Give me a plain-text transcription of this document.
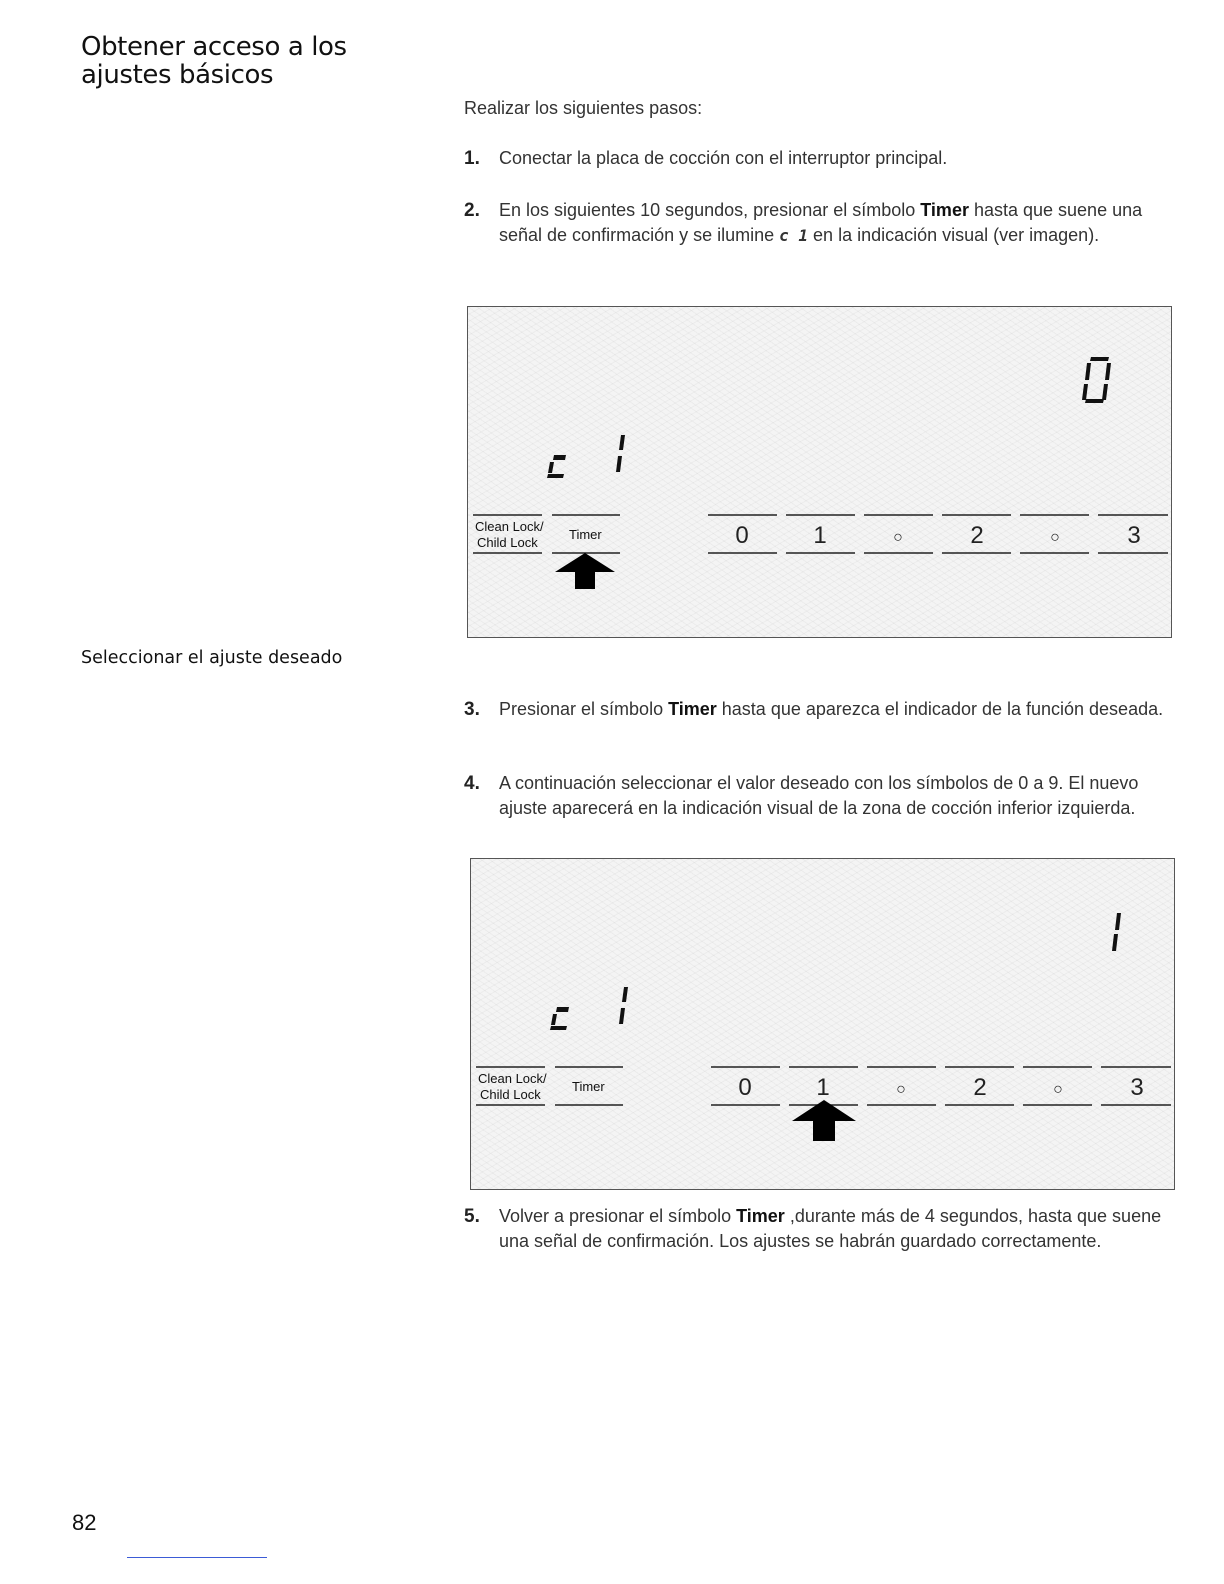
Obtener acceso a los ajustes básicos
Seleccionar el ajuste deseado
Realizar los siguientes pasos:
1. Conectar la placa de cocción con el interruptor principal.
2. En los siguientes 10 segundos, presionar el símbolo Timer hasta que suene una señal de confirmación y se ilumine c 1 en la indicación visual (ver imagen).
Clean Lock/
Child Lock
Timer	0	1	○	2	○	3
3. Presionar el símbolo Timer hasta que aparezca el indicador de la función deseada.
4. A continuación seleccionar el valor deseado con los símbolos de 0 a 9. El nuevo ajuste aparecerá en la indicación visual de la zona de cocción inferior izquierda.
Clean Lock/
Child Lock
Timer	0	1	○	2	○	3
5. Volver a presionar el símbolo Timer ,durante más de 4 segundos, hasta que suene una señal de confirmación. Los ajustes se habrán guardado correctamente.
82
